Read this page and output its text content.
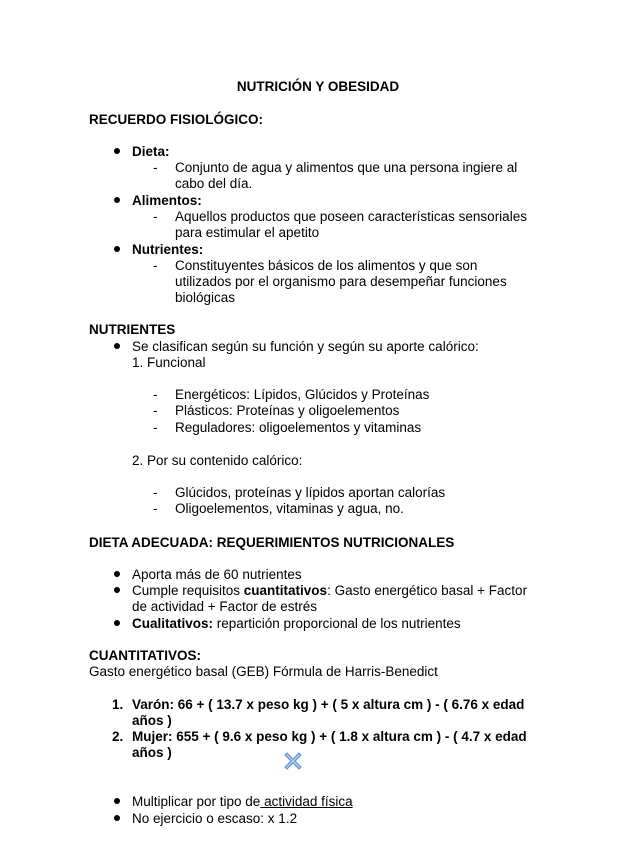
NUTRICIÓN Y OBESIDAD
RECUERDO FISIOLÓGICO:
Dieta:
- Conjunto de agua y alimentos que una persona ingiere al
cabo del día.
Alimentos:
- Aquellos productos que poseen características sensoriales
para estimular el apetito
Nutrientes:
- Constituyentes básicos de los alimentos y que son
utilizados por el organismo para desempeñar funciones
biológicas
NUTRIENTES
Se clasifican según su función y según su aporte calórico:
1. Funcional
- Energéticos: Lípidos, Glúcidos y Proteínas
- Plásticos: Proteínas y oligoelementos
- Reguladores: oligoelementos y vitaminas
2. Por su contenido calórico:
- Glúcidos, proteínas y lípidos aportan calorías
- Oligoelementos, vitaminas y agua, no.
DIETA ADECUADA: REQUERIMIENTOS NUTRICIONALES
Aporta más de 60 nutrientes
Cumple requisitos cuantitativos: Gasto energético basal + Factor
de actividad + Factor de estrés
Cualitativos: repartición proporcional de los nutrientes
CUANTITATIVOS:
Gasto energético basal (GEB) Fórmula de Harris-Benedict
1. Varón: 66 + ( 13.7 x peso kg ) + ( 5 x altura cm ) - ( 6.76 x edad
años )
2. Mujer: 655 + ( 9.6 x peso kg ) + ( 1.8 x altura cm ) - ( 4.7 x edad
años )
Multiplicar por tipo de actividad física
No ejercicio o escaso: x 1.2
